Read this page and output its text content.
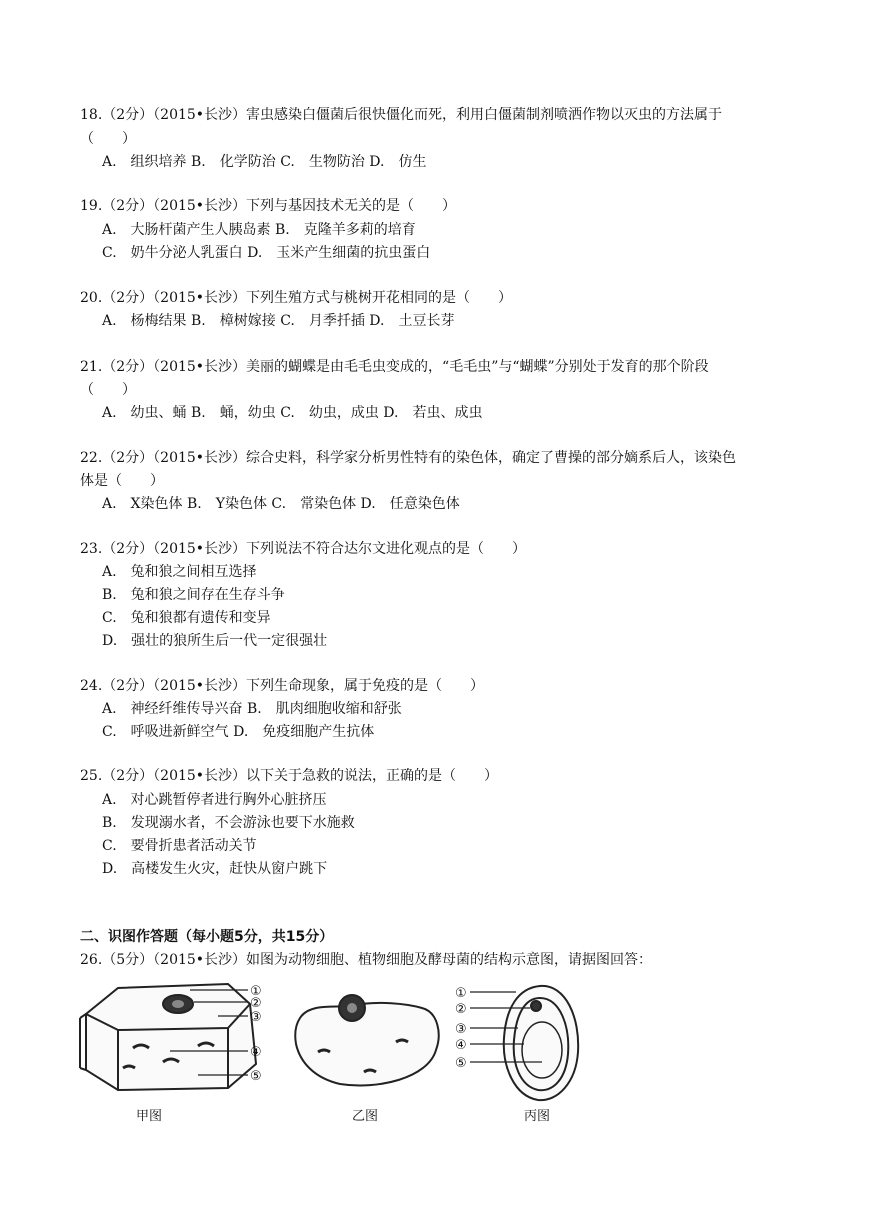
18.（2分）（2015•长沙）害虫感染白僵菌后很快僵化而死，利用白僵菌制剂喷洒作物以灭虫的方法属于
（　　）
A.　组织培养 B.　化学防治 C.　生物防治 D.　仿生
19.（2分）（2015•长沙）下列与基因技术无关的是（　　）
A.　大肠杆菌产生人胰岛素 B.　克隆羊多莉的培育
C.　奶牛分泌人乳蛋白 D.　玉米产生细菌的抗虫蛋白
20.（2分）（2015•长沙）下列生殖方式与桃树开花相同的是（　　）
A.　杨梅结果 B.　樟树嫁接 C.　月季扦插 D.　土豆长芽
21.（2分）（2015•长沙）美丽的蝴蝶是由毛毛虫变成的，“毛毛虫”与“蝴蝶”分别处于发育的那个阶段
（　　）
A.　幼虫、蛹 B.　蛹，幼虫 C.　幼虫，成虫 D.　若虫、成虫
22.（2分）（2015•长沙）综合史料，科学家分析男性特有的染色体，确定了曹操的部分嫡系后人，该染色
体是（　　）
A.　X染色体 B.　Y染色体 C.　常染色体 D.　任意染色体
23.（2分）（2015•长沙）下列说法不符合达尔文进化观点的是（　　）
A.　兔和狼之间相互选择
B.　兔和狼之间存在生存斗争
C.　兔和狼都有遗传和变异
D.　强壮的狼所生后一代一定很强壮
24.（2分）（2015•长沙）下列生命现象，属于免疫的是（　　）
A.　神经纤维传导兴奋 B.　肌肉细胞收缩和舒张
C.　呼吸进新鲜空气 D.　免疫细胞产生抗体
25.（2分）（2015•长沙）以下关于急救的说法，正确的是（　　）
A.　对心跳暂停者进行胸外心脏挤压
B.　发现溺水者，不会游泳也要下水施救
C.　要骨折患者活动关节
D.　高楼发生火灾，赶快从窗户跳下
二、识图作答题（每小题5分，共15分）
26.（5分）（2015•长沙）如图为动物细胞、植物细胞及酵母菌的结构示意图，请据图回答：
①
②
③
④
⑤
甲图
①
②
③
④
⑤
乙图	丙图
